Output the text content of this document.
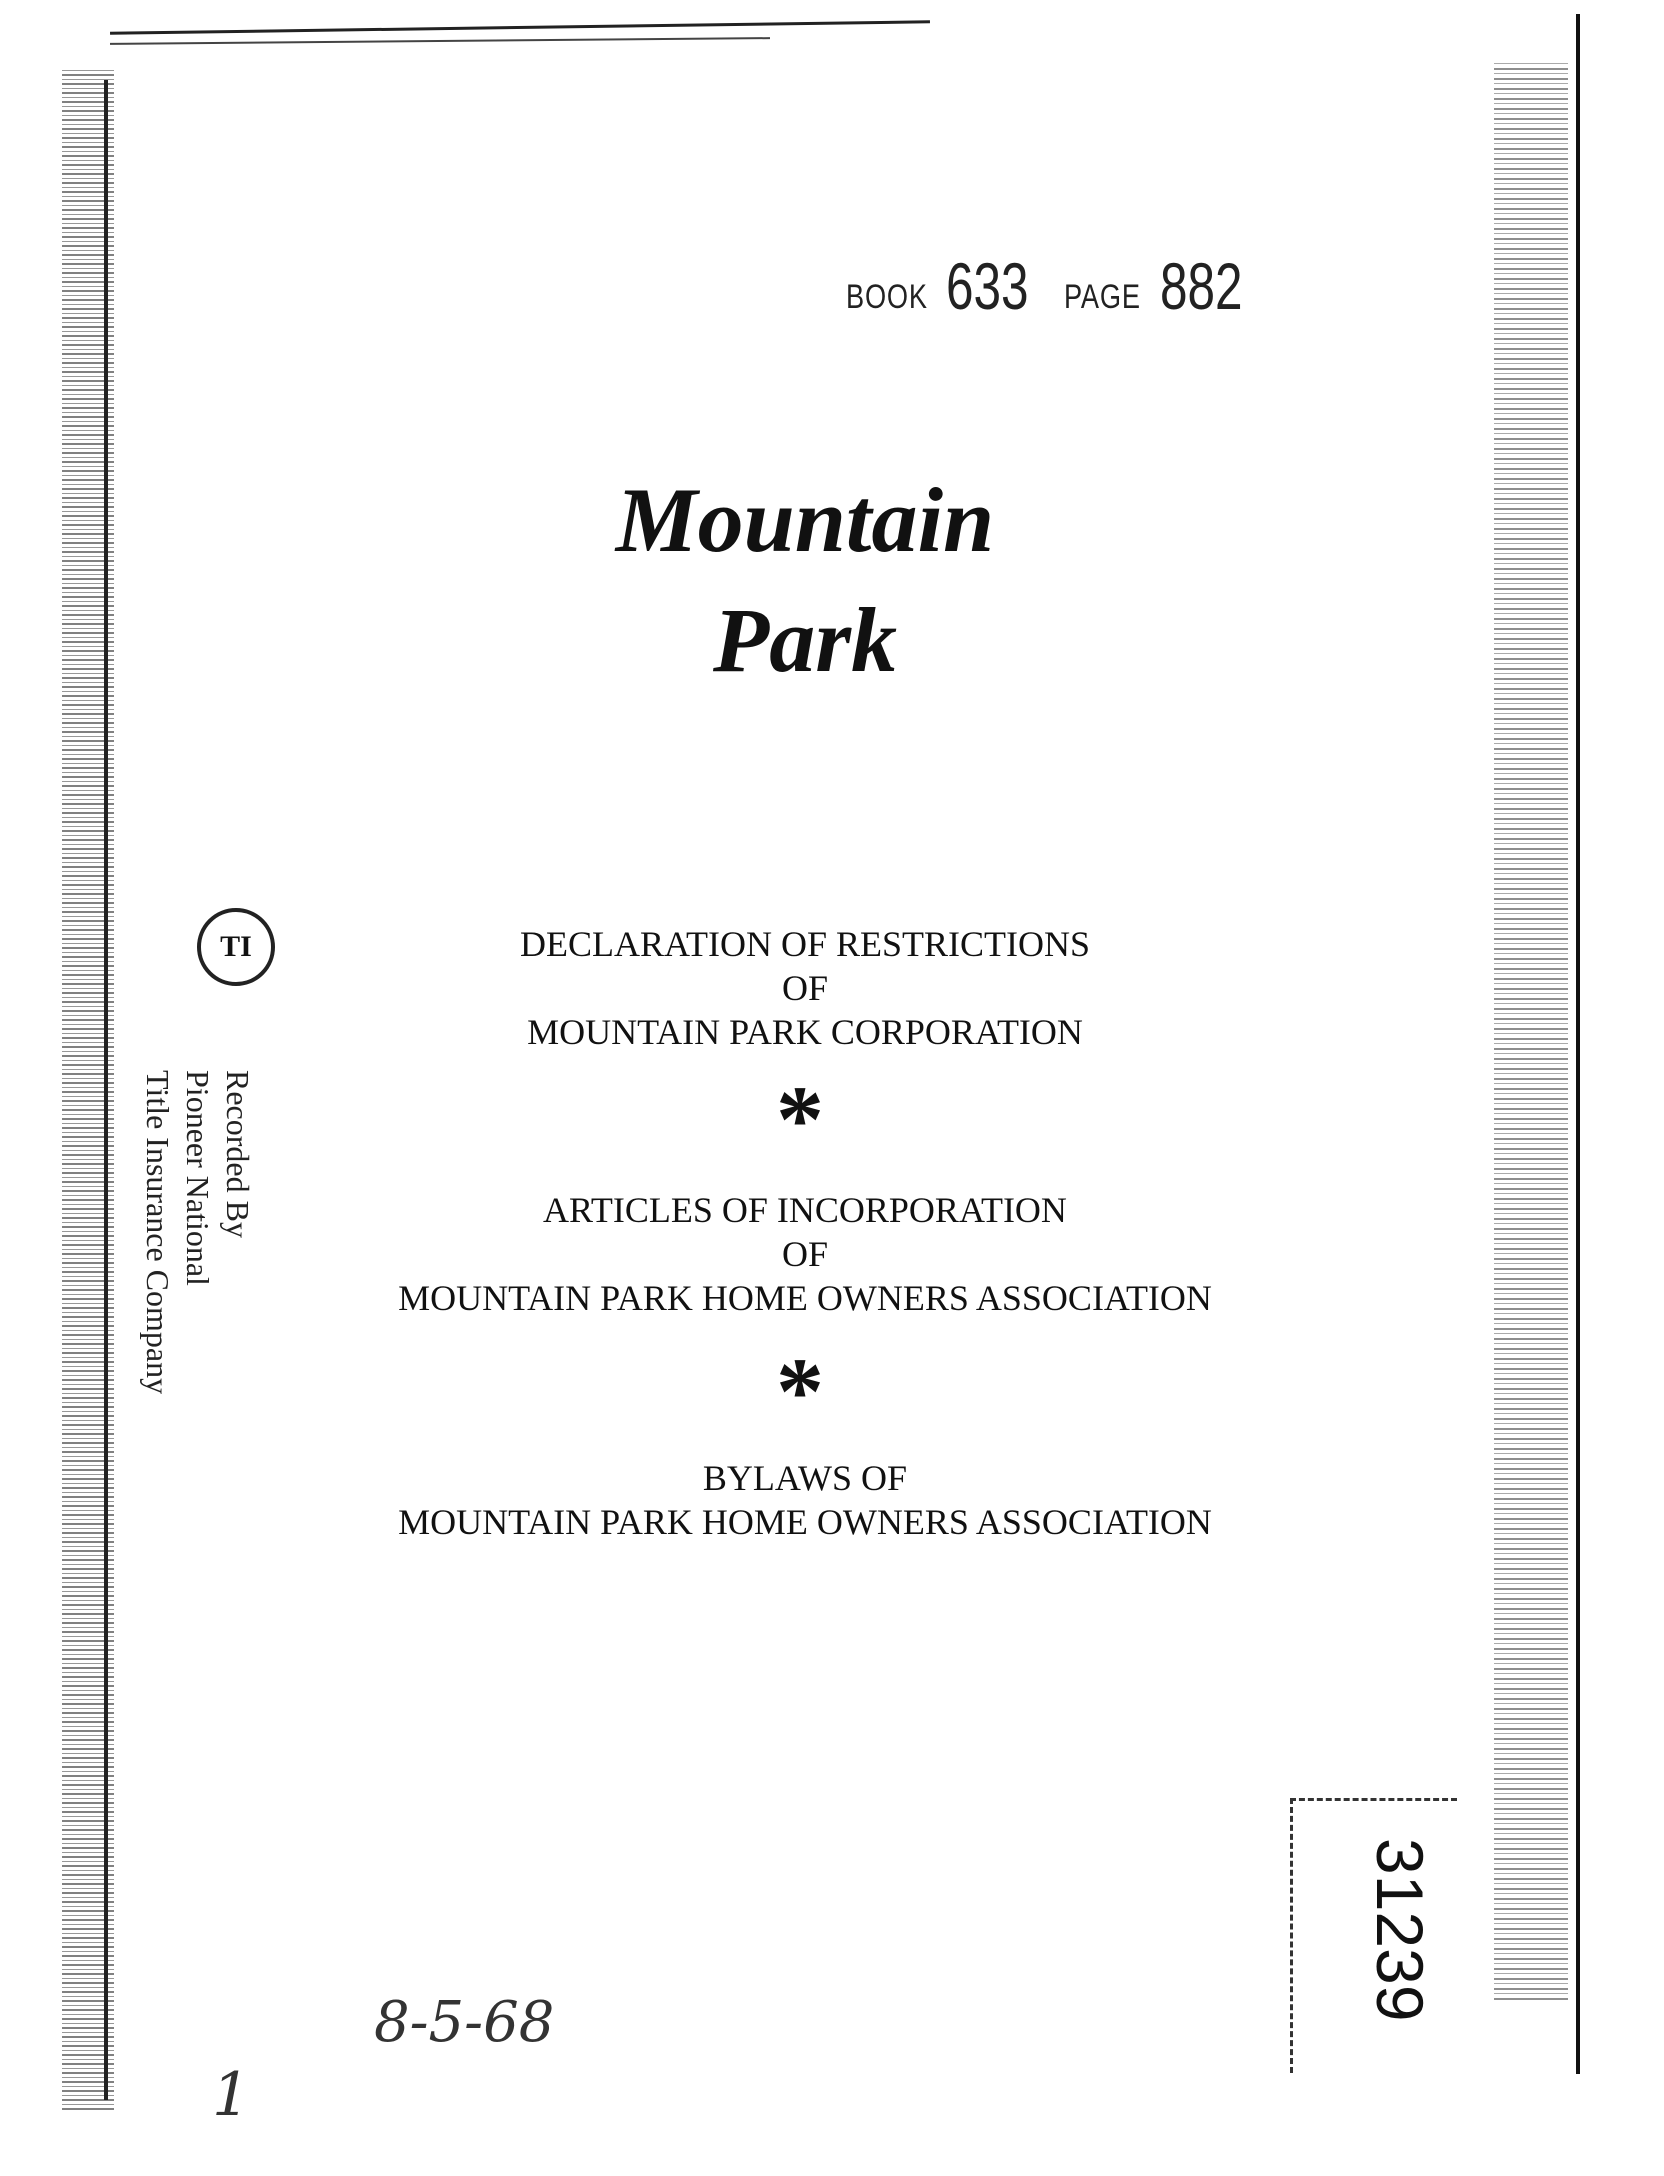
BOOK 633	PAGE 882
Mountain
Park
DECLARATION OF RESTRICTIONS
OF
MOUNTAIN PARK CORPORATION
*
ARTICLES OF INCORPORATION
OF
MOUNTAIN PARK HOME OWNERS ASSOCIATION
*
BYLAWS OF
MOUNTAIN PARK HOME OWNERS ASSOCIATION
TI
Recorded By
Pioneer National
Title Insurance Company
31239
8-5-68
1
